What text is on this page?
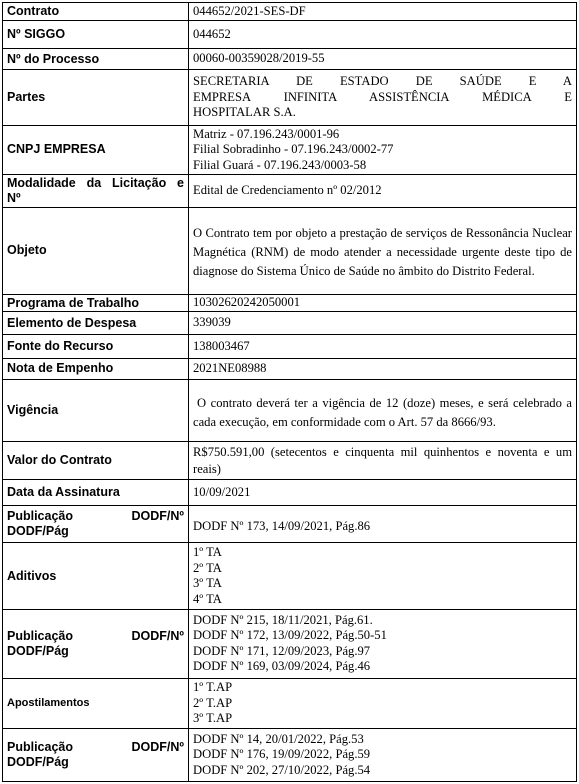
Contrato	044652/2021-SES-DF
Nº SIGGO	044652
Nº do Processo	00060-00359028/2019-55
Partes	SECRETARIA DE ESTADO DE SAÚDE E A
EMPRESA INFINITA ASSISTÊNCIA MÉDICA E
HOSPITALAR S.A.

CNPJ EMPRESA	Matriz - 07.196.243/0001-96
Filial Sobradinho - 07.196.243/0002-77
Filial Guará - 07.196.243/0003-58

Modalidade da Licitação e
Nº	Edital de Credenciamento nº 02/2012
Objeto	O Contrato tem por objeto a prestação de serviços de Ressonância Nuclear Magnética (RNM) de modo atender a necessidade urgente deste tipo de diagnose do Sistema Único de Saúde no âmbito do Distrito Federal.
Programa de Trabalho	10302620242050001
Elemento de Despesa	339039
Fonte do Recurso	138003467
Nota de Empenho	2021NE08988
Vigência	O contrato deverá ter a vigência de 12 (doze) meses, e será celebrado a cada execução, em conformidade com o Art. 57 da 8666/93.
Valor do Contrato	R$750.591,00 (setecentos e cinquenta mil quinhentos e noventa e um reais)
Data da Assinatura	10/09/2021

Publicação DODF/Nº
DODF/Pág	DODF Nº 173, 14/09/2021, Pág.86
Aditivos	1º TA
2º TA
3º TA
4º TA

Publicação DODF/Nº
DODF/Pág	DODF Nº 215, 18/11/2021, Pág.61.
DODF Nº 172, 13/09/2022, Pág.50-51
DODF Nº 171, 12/09/2023, Pág.97
DODF Nº 169, 03/09/2024, Pág.46

Apostilamentos	1º T.AP
2º T.AP
3º T.AP

Publicação DODF/Nº
DODF/Pág	DODF Nº 14, 20/01/2022, Pág.53
DODF Nº 176, 19/09/2022, Pág.59
DODF Nº 202, 27/10/2022, Pág.54
